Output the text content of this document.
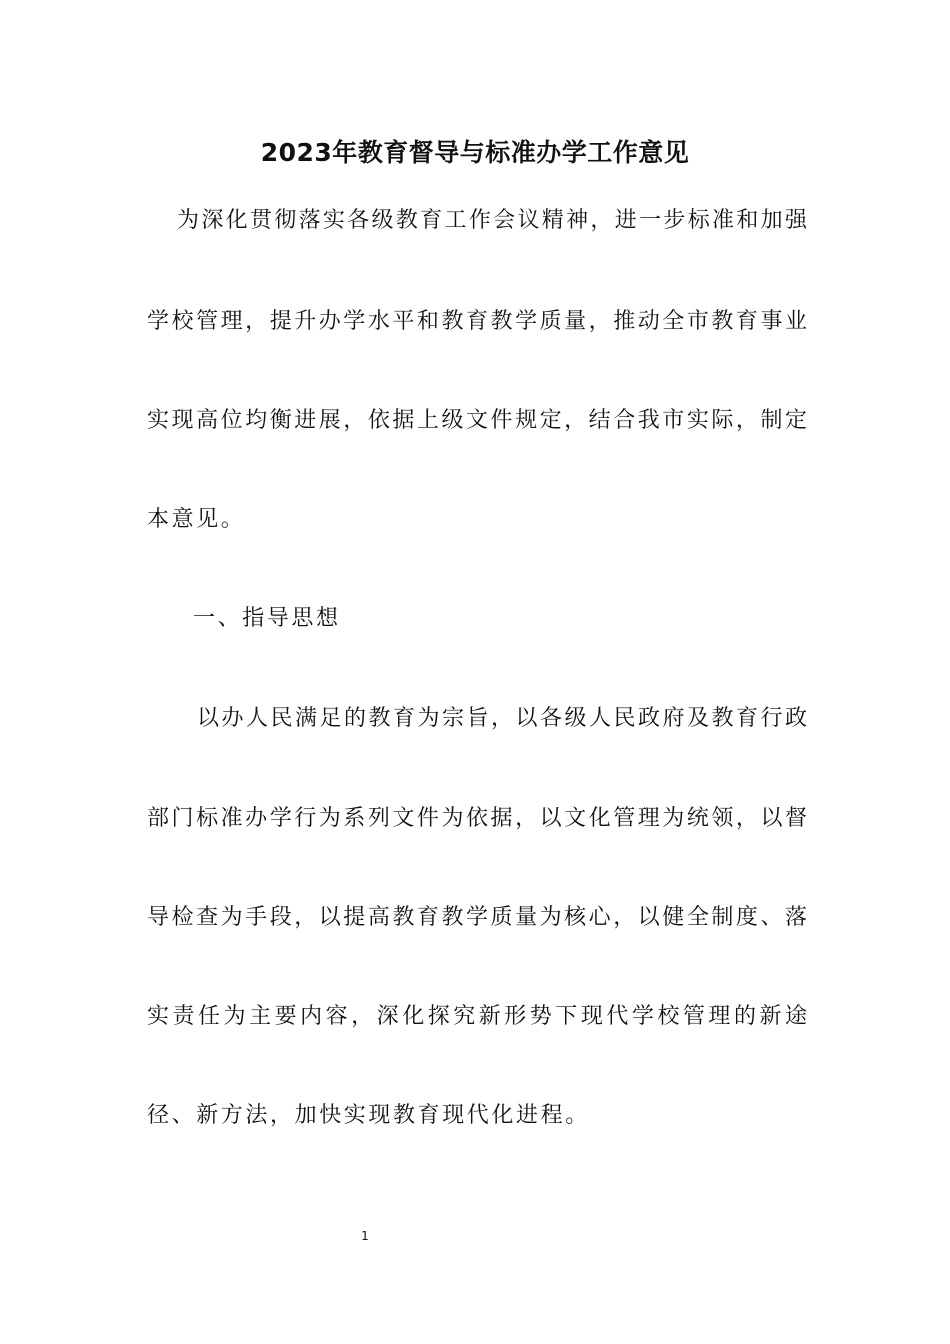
2023年教育督导与标准办学工作意见

为深化贯彻落实各级教育工作会议精神，进一步标准和加强

学校管理，提升办学水平和教育教学质量，推动全市教育事业

实现高位均衡进展，依据上级文件规定，结合我市实际，制定

本意见。

一、指导思想

以办人民满足的教育为宗旨，以各级人民政府及教育行政

部门标准办学行为系列文件为依据，以文化管理为统领，以督

导检查为手段，以提高教育教学质量为核心，以健全制度、落

实责任为主要内容，深化探究新形势下现代学校管理的新途

径、新方法，加快实现教育现代化进程。

1
